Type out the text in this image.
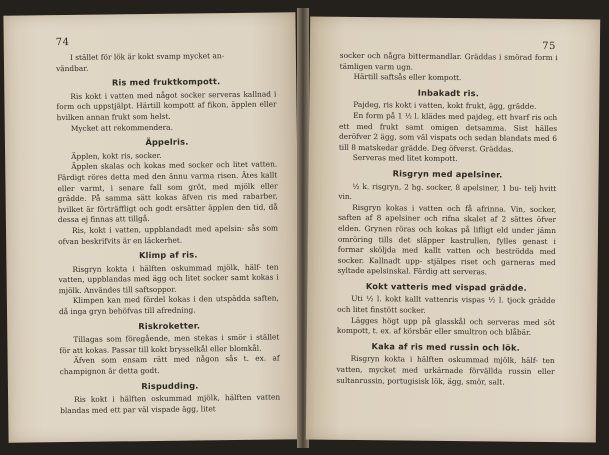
74

I stället för lök är kokt svamp mycket an-

vändbar.

Ris med fruktkompott.

Ris kokt i vatten med något socker serveras kallnad i form och uppstjälpt. Härtill kompott af fikon, äpplen eller hvilken annan frukt som helst.

Mycket att rekommendera.

Äppelris.

Äpplen, kokt ris, socker.

Äpplen skalas och kokas med socker och litet vatten. Färdigt röres detta med den ännu varma risen. Ätes kallt eller varmt, i senare fall som gröt, med mjölk eller grädde. På samma sätt kokas äfven ris med rabarber, hvilket är förträffligt och godt ersätter äpplen den tid, då dessa ej finnas att tillgå.

Ris, kokt i vatten, uppblandadt med apelsin- sås som ofvan beskrifvits är en läckerhet.

Klimp af ris.

Risgryn kokta i hälften oskummad mjölk, hälf- ten vatten, uppblandas med ägg och litet socker samt kokas i mjölk. Användes till saftsoppor.

Klimpen kan med fördel kokas i den utspädda saften, då inga gryn behöfvas till afredning.

Riskroketter.

Tillagas som föregående, men stekas i smör i stället för att kokas. Passar till kokt brysselkål eller blomkål.

Äfven som ensam rätt med någon sås t. ex. af champignon är detta godt.

Rispudding.

Ris kokt i hälften oskummad mjölk, hälften vatten blandas med ett par väl vispade ägg, litet

75

socker och några bittermandlar. Gräddas i smörad form i tämligen varm ugn.

Härtill saftsås eller kompott.

Inbakadt ris.

Pajdeg, ris kokt i vatten, kokt frukt, ägg, grädde.

En form på 1 ½ l. klädes med pajdeg, ett hvarf ris och ett med frukt samt omigen detsamma. Sist hälles deröfver 2 ägg, som väl vispats och sedan blandats med 6 till 8 matskedar grädde. Deg öfverst. Gräddas.

Serveras med litet kompott.

Risgryn med apelsiner.

½ k. risgryn, 2 hg. socker, 8 apelsiner, 1 bu- telj hvitt vin.

Risgryn kokas i vatten och få afrinna. Vin, socker, saften af 8 apelsiner och rifna skalet af 2 sättes öfver elden. Grynen röras och kokas på lifligt eld under jämn omröring tills det släpper kastrullen, fylles genast i formar sköljda med kallt vatten och beströdda med socker. Kallnadt upp- stjälpes riset och garneras med syltade apelsinskal. Färdig att serveras.

Kokt vatteris med vispad grädde.

Uti ½ l. kokt kallt vattenris vispas ½ l. tjock grädde och litet finstött socker.

Lägges högt upp på glasskål och serveras med söt kompott, t. ex. af körsbär eller smultron och blåbär.

Kaka af ris med russin och lök.

Risgryn kokta i hälften oskummad mjölk, hälf- ten vatten, mycket med urkärnade förvällda russin eller sultanrussin, portugisisk lök, ägg, smör, salt.
